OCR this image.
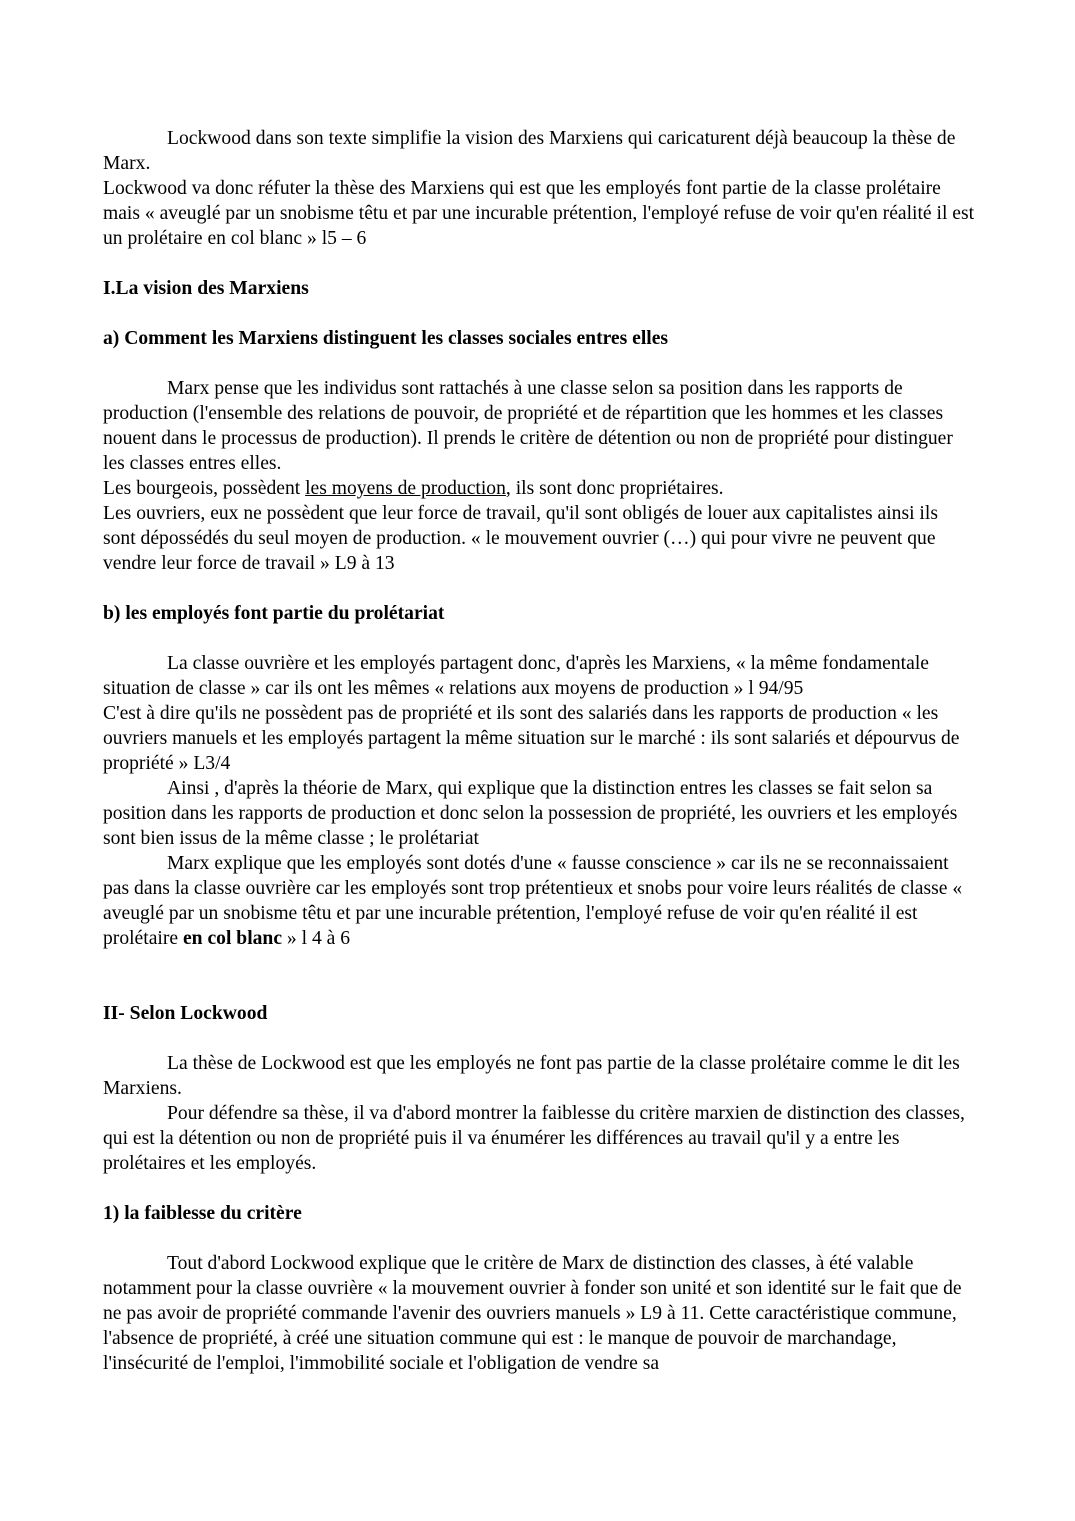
Lockwood dans son texte simplifie la vision des Marxiens qui caricaturent déjà beaucoup la thèse de Marx.

Lockwood va donc réfuter la thèse des Marxiens qui est que les employés font partie de la classe prolétaire mais « aveuglé par un snobisme têtu et par une incurable prétention, l'employé refuse de voir qu'en réalité il est un prolétaire en col blanc » l5 – 6

I.La vision des Marxiens

a) Comment les Marxiens distinguent les classes sociales entres elles

Marx pense que les individus sont rattachés à une classe selon sa position dans les rapports de production (l'ensemble des relations de pouvoir, de propriété et de répartition que les hommes et les classes nouent dans le processus de production). Il prends le critère de détention ou non de propriété pour distinguer les classes entres elles.

Les bourgeois, possèdent les moyens de production, ils sont donc propriétaires.

Les ouvriers, eux ne possèdent que leur force de travail, qu'il sont obligés de louer aux capitalistes ainsi ils sont dépossédés du seul moyen de production. « le mouvement ouvrier (…) qui pour vivre ne peuvent que vendre leur force de travail » L9 à 13

b) les employés font partie du prolétariat

La classe ouvrière et les employés partagent donc, d'après les Marxiens, « la même fondamentale situation de classe » car ils ont les mêmes « relations aux moyens de production » l 94/95

C'est à dire qu'ils ne possèdent pas de propriété et ils sont des salariés dans les rapports de production « les ouvriers manuels et les employés partagent la même situation sur le marché : ils sont salariés et dépourvus de propriété » L3/4

Ainsi , d'après la théorie de Marx, qui explique que la distinction entres les classes se fait selon sa position dans les rapports de production et donc selon la possession de propriété, les ouvriers et les employés sont bien issus de la même classe ; le prolétariat

Marx explique que les employés sont dotés d'une « fausse conscience » car ils ne se reconnaissaient pas dans la classe ouvrière car les employés sont trop prétentieux et snobs pour voire leurs réalités de classe « aveuglé par un snobisme têtu et par une incurable prétention, l'employé refuse de voir qu'en réalité il est prolétaire en col blanc » l 4 à 6

II- Selon Lockwood

La thèse de Lockwood est que les employés ne font pas partie de la classe prolétaire comme le dit les Marxiens.

Pour défendre sa thèse, il va d'abord montrer la faiblesse du critère marxien de distinction des classes, qui est la détention ou non de propriété puis il va énumérer les différences au travail qu'il y a entre les prolétaires et les employés.

1) la faiblesse du critère

Tout d'abord Lockwood explique que le critère de Marx de distinction des classes, à été valable notamment pour la classe ouvrière « la mouvement ouvrier à fonder son unité et son identité sur le fait que de ne pas avoir de propriété commande l'avenir des ouvriers manuels » L9 à 11. Cette caractéristique commune, l'absence de propriété, à créé une situation commune qui est : le manque de pouvoir de marchandage, l'insécurité de l'emploi, l'immobilité sociale et l'obligation de vendre sa
